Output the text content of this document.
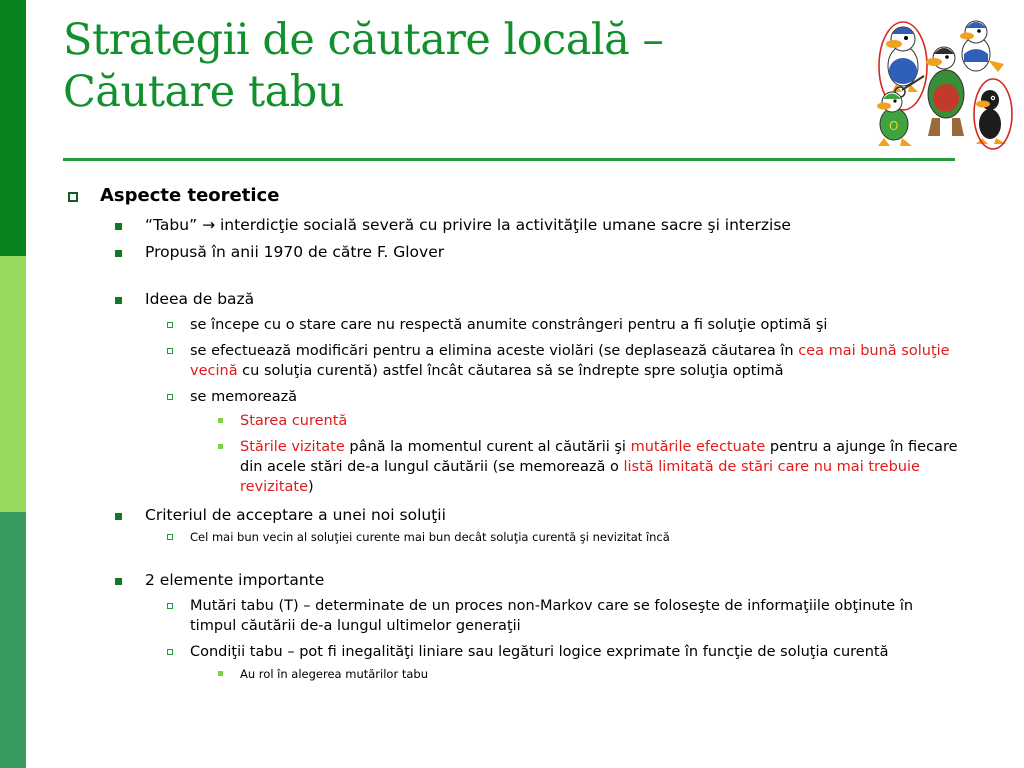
Strategii de căutare locală –
Căutare tabu
O
Aspecte teoretice
“Tabu” → interdicţie socială severă cu privire la activităţile umane sacre şi interzise
Propusă în anii 1970 de către F. Glover
Ideea de bază
se începe cu o stare care nu respectă anumite constrângeri pentru a fi soluţie optimă şi
se efectuează modificări pentru a elimina aceste violări (se deplasează căutarea în cea mai bună soluţie vecină cu soluţia curentă) astfel încât căutarea să se îndrepte spre soluţia optimă
se memorează
Starea curentă
Stările vizitate până la momentul curent al căutării şi mutările efectuate pentru a ajunge în fiecare din acele stări de-a lungul căutării (se memorează o listă limitată de stări care nu mai trebuie revizitate)
Criteriul de acceptare a unei noi soluţii
Cel mai bun vecin al soluţiei curente mai bun decât soluţia curentă şi nevizitat încă
2 elemente importante
Mutări tabu (T) – determinate de un proces non-Markov care se foloseşte de informaţiile obţinute în timpul căutării de-a lungul ultimelor generaţii
Condiţii tabu – pot fi inegalităţi liniare sau legături logice exprimate în funcţie de soluţia curentă
Au rol în alegerea mutărilor tabu
